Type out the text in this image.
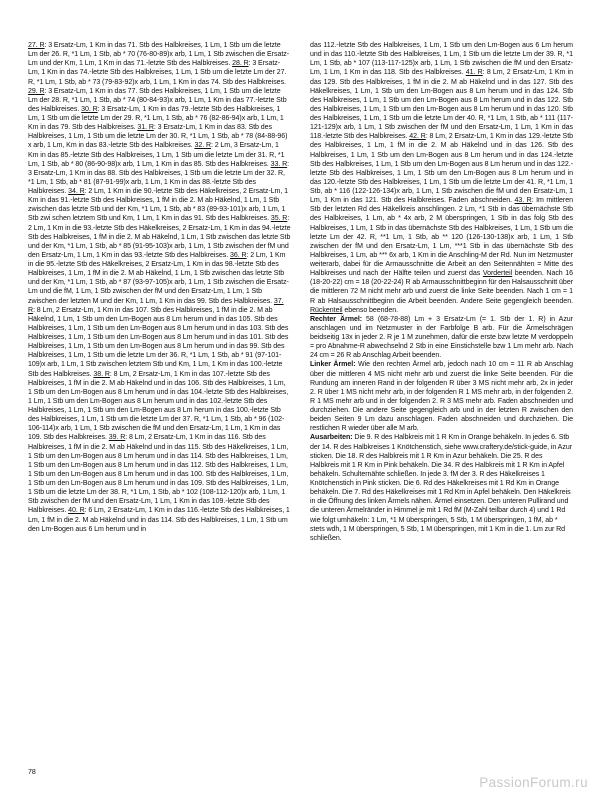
27. R: 3 Ersatz-Lm, 1 Km in das 71. Stb des Halbkreises, 1 Lm, 1 Stb um die letzte Lm der 26. R, *1 Lm, 1 Stb, ab * 70 (76-80-89)x arb, 1 Lm, 1 Stb zwischen die Ersatz-Lm und der Km, 1 Lm, 1 Km in das 71.-letzte Stb des Halbkreises. 28. R: 3 Ersatz-Lm, 1 Km in das 74.-letzte Stb des Halbkreises, 1 Lm, 1 Stb um die letzte Lm der 27. R, *1 Lm, 1 Stb, ab * 73 (79-83-92)x arb, 1 Lm, 1 Km in das 74. Stb des Halbkreises. 29. R: 3 Ersatz-Lm, 1 Km in das 77. Stb des Halbkreises, 1 Lm, 1 Stb um die letzte Lm der 28. R, *1 Lm, 1 Stb, ab * 74 (80-84-93)x arb, 1 Lm, 1 Km in das 77.-letzte Stb des Halbkreises. 30. R: 3 Ersatz-Lm, 1 Km in das 79.-letzte Stb des Halbkreises, 1 Lm, 1 Stb um die letzte Lm der 29. R, *1 Lm, 1 Stb, ab * 76 (82-86-94)x arb, 1 Lm, 1 Km in das 79. Stb des Halbkreises. 31. R: 3 Ersatz-Lm, 1 Km in das 83. Stb des Halbkreises, 1 Lm, 1 Stb um die letzte Lm der 30. R, *1 Lm, 1 Stb, ab * 78 (84-88-96) x arb, 1 Lm, Km in das 83.-letzte Stb des Halbkreises. 32. R: 2 Lm, 3 Ersatz-Lm, 1 Km in das 85.-letzte Stb des Halbkreises, 1 Lm, 1 Stb um die letzte Lm der 31. R, *1 Lm, 1 Stb, ab * 80 (86-90-98)x arb, 1 Lm, 1 Km in das 85. Stb des Halbkreises. 33. R: 3 Ersatz-Lm, 1 Km in das 88. Stb des Halbkreises, 1 Stb um die letzte Lm der 32. R, *1 Lm, 1 Stb, ab * 81 (87-91-99)x arb, 1 Lm, 1 Km in das 88.-letzte Stb des Halbkreises. 34. R: 2 Lm, 1 Km in die 90.-letzte Stb des Häkelkreises, 2 Ersatz-Lm, 1 Km in das 91.-letzte Stb des Halbkreises, 1 fM in die 2. M ab Häkelnd, 1 Lm, 1 Stb zwischen das letzte Stb und der Km, *1 Lm, 1 Stb, ab * 83 (89-93-101)x arb, 1 Lm, 1 Stb zwi schen letztem Stb und Km, 1 Lm, 1 Km in das 91. Stb des Halbkreises. 35. R: 2 Lm, 1 Km in die 93.-letzte Stb des Häkelkreises, 2 Ersatz-Lm, 1 Km in das 94.-letzte Stb des Halbkreises, 1 fM in die 2. M ab Häkelnd, 1 Lm, 1 Stb zwischen das letzte Stb und der Km, *1 Lm, 1 Stb, ab * 85 (91-95-103)x arb, 1 Lm, 1 Stb zwischen der fM und den Ersatz-Lm, 1 Lm, 1 Km in das 93.-letzte Stb des Halbkreises. 36. R: 2 Lm, 1 Km in die 95.-letzte Stb des Häkelkreises, 2 Ersatz-Lm, 1 Km in das 98.-letzte Stb des Halbkreises, 1 Lm, 1 fM in die 2. M ab Häkelnd, 1 Lm, 1 Stb zwischen das letzte Stb und der Km, *1 Lm, 1 Stb, ab * 87 (93-97-105)x arb, 1 Lm, 1 Stb zwischen die Ersatz-Lm und die fM, 1 Lm, 1 Stb zwischen der fM und den Ersatz-Lm, 1 Lm, 1 Stb zwischen der letzten M und der Km, 1 Lm, 1 Km in das 99. Stb des Halbkreises. 37. R: 8 Lm, 2 Ersatz-Lm, 1 Km in das 107. Stb des Halbkreises, 1 fM in die 2. M ab Häkelnd, 1 Lm, 1 Stb um den Lm-Bogen aus 8 Lm herum und in das 105. Stb des Halbkreises, 1 Lm, 1 Stb um den Lm-Bogen aus 8 Lm herum und in das 103. Stb des Halbkreises, 1 Lm, 1 Stb um den Lm-Bogen aus 8 Lm herum und in das 101. Stb des Halbkreises, 1 Lm, 1 Stb um den Lm-Bogen aus 8 Lm herum und in das 99. Stb des Halbkreises, 1 Lm, 1 Stb um die letzte Lm der 36. R, *1 Lm, 1 Stb, ab * 91 (97-101-109)x arb, 1 Lm, 1 Stb zwischen letztem Stb und Km, 1 Lm, 1 Km in das 100.-letzte Stb des Halbkreises. 38. R: 8 Lm, 2 Ersatz-Lm, 1 Km in das 107.-letzte Stb des Halbkreises, 1 fM in die 2. M ab Häkelnd und in das 106. Stb des Halbkreises, 1 Lm, 1 Stb um den Lm-Bogen aus 8 Lm herum und in das 104.-letzte Stb des Halbkreises, 1 Lm, 1 Stb um den Lm-Bogen aus 8 Lm herum und in das 102.-letzte Stb des Halbkreises, 1 Lm, 1 Stb um den Lm-Bogen aus 8 Lm herum in das 100.-letzte Stb des Halbkreises, 1 Lm, 1 Stb um die letzte Lm der 37. R, *1 Lm, 1 Stb, ab * 96 (102-106-114)x arb, 1 Lm, 1 Stb zwischen die fM und den Ersatz-Lm, 1 Lm, 1 Km in das 109. Stb des Halbkreises. 39. R: 8 Lm, 2 Ersatz-Lm, 1 Km in das 116. Stb des Halbkreises, 1 fM in die 2. M ab Häkelnd und in das 115. Stb des Häkelkreises, 1 Lm, 1 Stb um den Lm-Bogen aus 8 Lm herum und in das 114. Stb des Halbkreises, 1 Lm, 1 Stb um den Lm-Bogen aus 8 Lm herum und in das 112. Stb des Halbkreises, 1 Lm, 1 Stb um den Lm-Bogen aus 8 Lm herum und in das 100. Stb des Halbkreises, 1 Lm, 1 Stb um den Lm-Bogen aus 8 Lm herum und in das 109. Stb des Halbkreises, 1 Lm, 1 Stb um die letzte Lm der 38. R, *1 Lm, 1 Stb, ab * 102 (108-112-120)x arb, 1 Lm, 1 Stb zwischen der fM und den Ersatz-Lm, 1 Lm, 1 Km in das 109.-letzte Stb des Halbkreises. 40. R: 6 Lm, 2 Ersatz-Lm, 1 Km in das 116.-letzte Stb des Halbkreises, 1 Lm, 1 fM in die 2. M ab Häkelnd und in das 114. Stb des Halbkreises, 1 Lm, 1 Stb um den Lm-Bogen aus 6 Lm herum und in

das 112.-letzte Stb des Halbkreises, 1 Lm, 1 Stb um den Lm-Bogen aus 6 Lm herum und in das 110.-letzte Stb des Halbkreises, 1 Lm, 1 Stb um die letzte Lm der 39. R, *1 Lm, 1 Stb, ab * 107 (113-117-125)x arb, 1 Lm, 1 Stb zwischen die fM und den Ersatz-Lm, 1 Lm, 1 Km in das 118. Stb des Halbkreises. 41. R: 8 Lm, 2 Ersatz-Lm, 1 Km in das 129. Stb des Halbkreises, 1 fM in die 2. M ab Häkelnd und in das 127. Stb des Häkelkreises, 1 Lm, 1 Stb um den Lm-Bogen aus 8 Lm herum und in das 124. Stb des Halbkreises, 1 Lm, 1 Stb um den Lm-Bogen aus 8 Lm herum und in das 122. Stb des Halbkreises, 1 Lm, 1 Stb um den Lm-Bogen aus 8 Lm herum und in das 120. Stb des Halbkreises, 1 Lm, 1 Stb um die letzte Lm der 40. R, *1 Lm, 1 Stb, ab * 111 (117-121-129)x arb, 1 Lm, 1 Stb zwischen der fM und den Ersatz-Lm, 1 Lm, 1 Km in das 118.-letzte Stb des Halbkreises. 42. R: 8 Lm, 2 Ersatz-Lm, 1 Km in das 129.-letzte Stb des Halbkreises, 1 Lm, 1 fM in die 2. M ab Häkelnd und in das 126. Stb des Halbkreises, 1 Lm, 1 Stb um den Lm-Bogen aus 8 Lm herum und in das 124.-letzte Stb des Halbkreises, 1 Lm, 1 Stb um den Lm-Bogen aus 8 Lm herum und in das 122.-letzte Stb des Halbkreises, 1 Lm, 1 Stb um den Lm-Bogen aus 8 Lm herum und in das 120.-letzte Stb des Halbkreises, 1 Lm, 1 Stb um die letzte Lm der 41. R, *1 Lm, 1 Stb, ab * 116 (122-126-134)x arb, 1 Lm, 1 Stb zwischen die fM und den Ersatz-Lm, 1 Lm, 1 Km in das 121. Stb des Halbkreises. Faden abschneiden. 43. R: Im mittleren Stb der letzten Rd des Häkelkreis anschlingen. 2 Lm, *1 Stb in das übernächste Stb des Halbkreises, 1 Lm, ab * 4x arb, 2 M überspringen, 1 Stb in das folg Stb des Halbkreises, 1 Lm, 1 Stb in das übernächste Stb des Halbkreises, 1 Lm, 1 Stb um die letzte Lm der 42. R, **1 Lm, 1 Stb, ab ** 120 (126-130-138)x arb, 1 Lm, 1 Stb zwischen der fM und den Ersatz-Lm, 1 Lm, ***1 Stb in das übernächste Stb des Halbkreises, 1 Lm, ab *** 6x arb, 1 Km in die Anschling-M der Rd. Nun im Netzmuster weiterarb, dabei für die Armausschnitte die Arbeit an den Seitennähten = Mitte des Halbkreises und nach der Hälfte teilen und zuerst das Vorderteil beenden. Nach 16 (18-20-22) cm = 18 (20-22-24) R ab Armausschnittbeginn für den Halsausschnitt über die mittleren 72 M nicht mehr arb und zuerst die linke Seite beenden. Nach 1 cm = 1 R ab Halsausschnittbeginn die Arbeit beenden. Andere Seite gegengleich beenden. Rückenteil ebenso beenden.

Rechter Ärmel: 58 (68-78-88) Lm + 3 Ersatz-Lm (= 1. Stb der 1. R) in Azur anschlagen und im Netzmuster in der Farbfolge B arb. Für die Ärmelschrägen beidseitig 13x in jeder 2. R je 1 M zunehmen, dafür die erste bzw letzte M verdoppeln = pro Abnahme-R abwechselnd 2 Stb in eine Einstichstelle bzw 1 Lm mehr arb. Nach 24 cm = 26 R ab Anschlag Arbeit beenden.

Linker Ärmel: Wie den rechten Ärmel arb, jedoch nach 10 cm = 11 R ab Anschlag über die mittleren 4 MS nicht mehr arb und zuerst die linke Seite beenden. Für die Rundung am inneren Rand in der folgenden R über 3 MS nicht mehr arb, 2x in jeder 2. R über 1 MS nicht mehr arb, in der folgenden R 1 MS mehr arb, in der folgenden 2. R 1 MS mehr arb und in der folgenden 2. R 3 MS mehr arb. Faden abschneiden und durchziehen. Die andere Seite gegengleich arb und in der letzten R zwischen den beiden Seiten 9 Lm dazu anschlagen. Faden abschneiden und durchziehen. Die restlichen R wieder über alle M arb.

Ausarbeiten: Die 9. R des Halbkreis mit 1 R Km in Orange behäkeln. In jedes 6. Stb der 14. R des Halbkreises 1 Knötchenstich, siehe www.craftery.de/stick-guide, in Azur sticken. Die 18. R des Halbkreis mit 1 R Km in Azur behäkeln. Die 25. R des Halbkreis mit 1 R Km in Pink behäkeln. Die 34. R des Halbkreis mit 1 R Km in Apfel behäkeln. Schulternähte schließen. In jede 3. fM der 3. R des Häkelkreises 1 Knötchenstich in Pink sticken. Die 6. Rd des Häkelkreises mit 1 Rd Km in Orange behäkeln. Die 7. Rd des Häkelkreises mit 1 Rd Km in Apfel behäkeln. Den Häkelkreis in die Öffnung des linken Ärmels nähen. Ärmel einsetzen. Den unteren Pullirand und die unteren Ärmelränder in Himmel je mit 1 Rd fM (M-Zahl teilbar durch 4) und 1 Rd wie folgt umhäkeln: 1 Lm, *1 M überspringen, 5 Stb, 1 M überspringen, 1 fM, ab * stets wdh, 1 M überspringen, 5 Stb, 1 M überspringen, mit 1 Km in die 1. Lm zur Rd schließen.

78
PassionForum.ru
